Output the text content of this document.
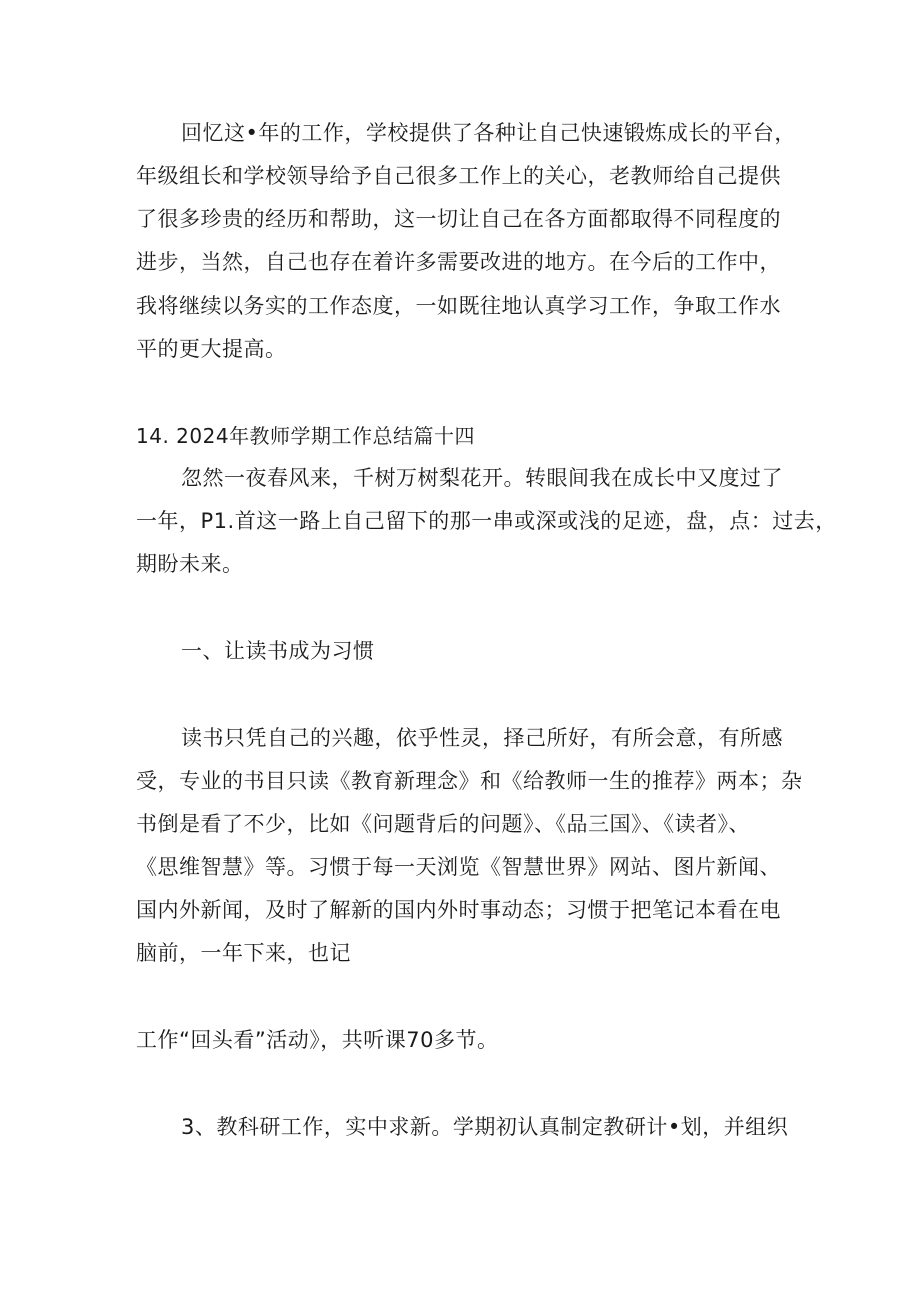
回忆这•年的工作，学校提供了各种让自己快速锻炼成长的平台，
年级组长和学校领导给予自己很多工作上的关心，老教师给自己提供
了很多珍贵的经历和帮助，这一切让自己在各方面都取得不同程度的
进步，当然，自己也存在着许多需要改进的地方。在今后的工作中，
我将继续以务实的工作态度，一如既往地认真学习工作，争取工作水
平的更大提高。
14. 2024年教师学期工作总结篇十四
忽然一夜春风来，千树万树梨花开。转眼间我在成长中又度过了
一年，P1.首这一路上自己留下的那一串或深或浅的足迹，盘，点：过去，
期盼未来。
一、让读书成为习惯
读书只凭自己的兴趣，依乎性灵，择己所好，有所会意，有所感
受，专业的书目只读《教育新理念》和《给教师一生的推荐》两本；杂
书倒是看了不少，比如《问题背后的问题》、《品三国》、《读者》、
《思维智慧》等。习惯于每一天浏览《智慧世界》网站、图片新闻、
国内外新闻，及时了解新的国内外时事动态；习惯于把笔记本看在电
脑前，一年下来，也记
工作“回头看”活动》，共听课70多节。
3、教科研工作，实中求新。学期初认真制定教研计•划，并组织
